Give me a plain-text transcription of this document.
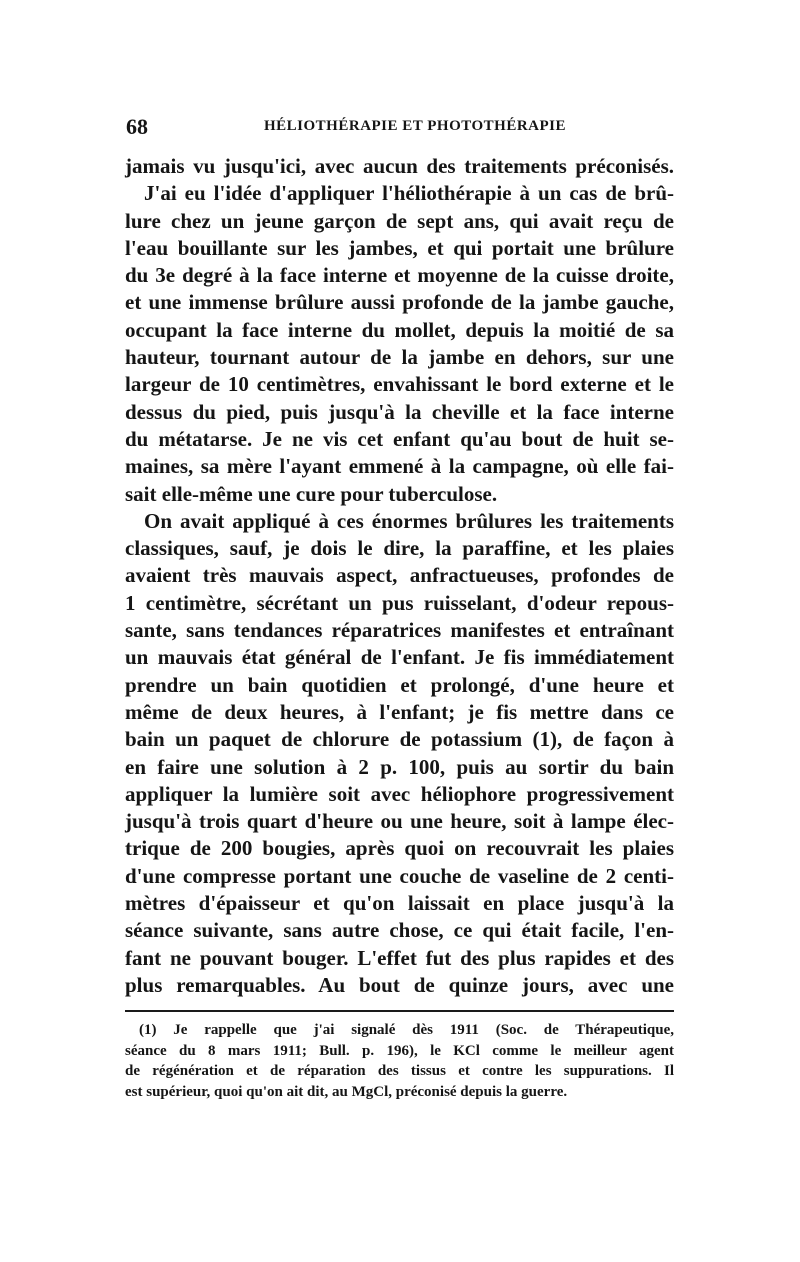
68	HÉLIOTHÉRAPIE ET PHOTOTHÉRAPIE
jamais vu jusqu'ici, avec aucun des traitements préconisés.
J'ai eu l'idée d'appliquer l'héliothérapie à un cas de brû-
lure chez un jeune garçon de sept ans, qui avait reçu de
l'eau bouillante sur les jambes, et qui portait une brûlure
du 3e degré à la face interne et moyenne de la cuisse droite,
et une immense brûlure aussi profonde de la jambe gauche,
occupant la face interne du mollet, depuis la moitié de sa
hauteur, tournant autour de la jambe en dehors, sur une
largeur de 10 centimètres, envahissant le bord externe et le
dessus du pied, puis jusqu'à la cheville et la face interne
du métatarse. Je ne vis cet enfant qu'au bout de huit se-
maines, sa mère l'ayant emmené à la campagne, où elle fai-
sait elle-même une cure pour tuberculose.
On avait appliqué à ces énormes brûlures les traitements
classiques, sauf, je dois le dire, la paraffine, et les plaies
avaient très mauvais aspect, anfractueuses, profondes de
1 centimètre, sécrétant un pus ruisselant, d'odeur repous-
sante, sans tendances réparatrices manifestes et entraînant
un mauvais état général de l'enfant. Je fis immédiatement
prendre un bain quotidien et prolongé, d'une heure et
même de deux heures, à l'enfant; je fis mettre dans ce
bain un paquet de chlorure de potassium (1), de façon à
en faire une solution à 2 p. 100, puis au sortir du bain
appliquer la lumière soit avec héliophore progressivement
jusqu'à trois quart d'heure ou une heure, soit à lampe élec-
trique de 200 bougies, après quoi on recouvrait les plaies
d'une compresse portant une couche de vaseline de 2 centi-
mètres d'épaisseur et qu'on laissait en place jusqu'à la
séance suivante, sans autre chose, ce qui était facile, l'en-
fant ne pouvant bouger. L'effet fut des plus rapides et des
plus remarquables. Au bout de quinze jours, avec une
(1) Je rappelle que j'ai signalé dès 1911 (Soc. de Thérapeutique,
séance du 8 mars 1911; Bull. p. 196), le KCl comme le meilleur agent
de régénération et de réparation des tissus et contre les suppurations. Il
est supérieur, quoi qu'on ait dit, au MgCl, préconisé depuis la guerre.
